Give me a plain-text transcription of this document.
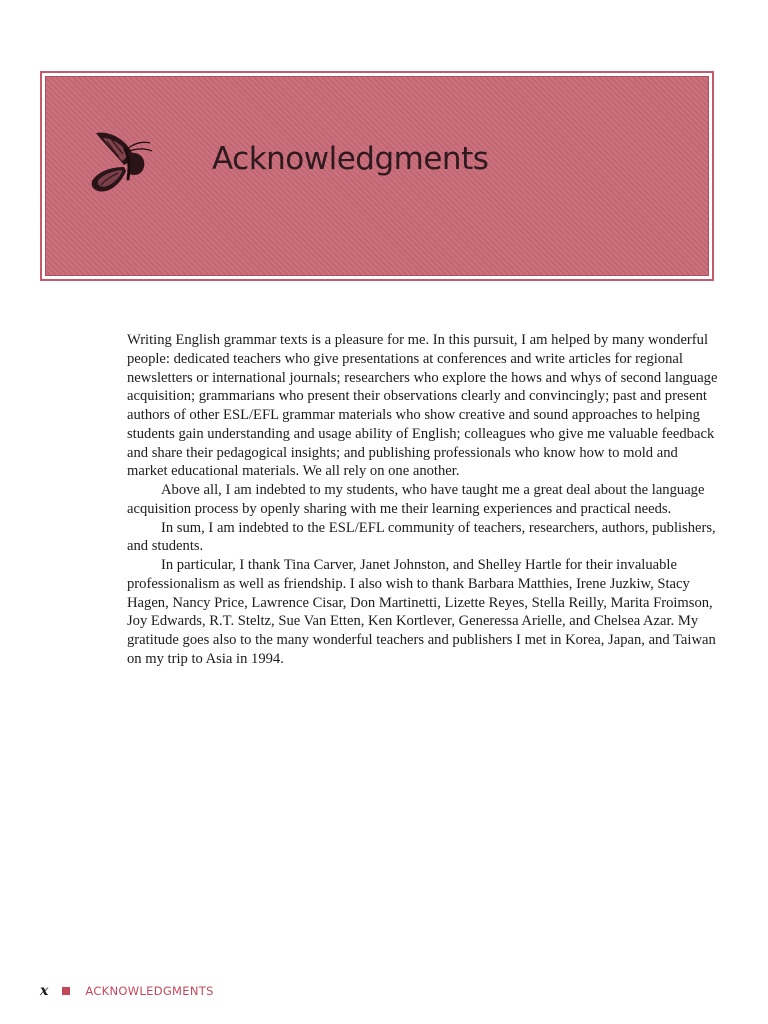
Acknowledgments

Writing English grammar texts is a pleasure for me. In this pursuit, I am helped by many wonderful people: dedicated teachers who give presentations at conferences and write articles for regional newsletters or international journals; researchers who explore the hows and whys of second language acquisition; grammarians who present their observations clearly and convincingly; past and present authors of other ESL/EFL grammar materials who show creative and sound approaches to helping students gain understanding and usage ability of English; colleagues who give me valuable feedback and share their pedagogical insights; and publishing professionals who know how to mold and market educational materials. We all rely on one another.

Above all, I am indebted to my students, who have taught me a great deal about the language acquisition process by openly sharing with me their learning experiences and practical needs.

In sum, I am indebted to the ESL/EFL community of teachers, researchers, authors, publishers, and students.

In particular, I thank Tina Carver, Janet Johnston, and Shelley Hartle for their invaluable professionalism as well as friendship. I also wish to thank Barbara Matthies, Irene Juzkiw, Stacy Hagen, Nancy Price, Lawrence Cisar, Don Martinetti, Lizette Reyes, Stella Reilly, Marita Froimson, Joy Edwards, R.T. Steltz, Sue Van Etten, Ken Kortlever, Generessa Arielle, and Chelsea Azar. My gratitude goes also to the many wonderful teachers and publishers I met in Korea, Japan, and Taiwan on my trip to Asia in 1994.

x	ACKNOWLEDGMENTS
